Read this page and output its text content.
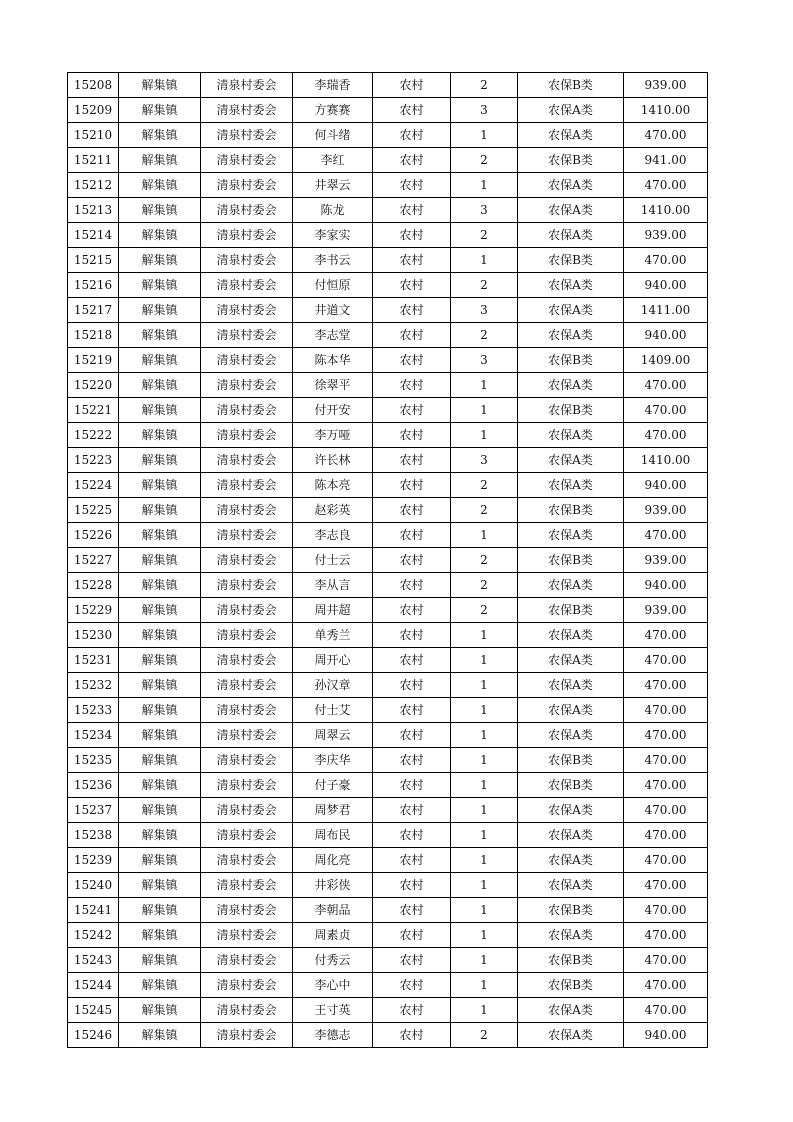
15208	解集镇	清泉村委会	李瑞香	农村	2	农保B类	939.00
15209	解集镇	清泉村委会	方赛赛	农村	3	农保A类	1410.00
15210	解集镇	清泉村委会	何斗绪	农村	1	农保A类	470.00
15211	解集镇	清泉村委会	李红	农村	2	农保B类	941.00
15212	解集镇	清泉村委会	井翠云	农村	1	农保A类	470.00
15213	解集镇	清泉村委会	陈龙	农村	3	农保A类	1410.00
15214	解集镇	清泉村委会	李家实	农村	2	农保A类	939.00
15215	解集镇	清泉村委会	李书云	农村	1	农保B类	470.00
15216	解集镇	清泉村委会	付恒原	农村	2	农保A类	940.00
15217	解集镇	清泉村委会	井道文	农村	3	农保A类	1411.00
15218	解集镇	清泉村委会	李志堂	农村	2	农保A类	940.00
15219	解集镇	清泉村委会	陈本华	农村	3	农保B类	1409.00
15220	解集镇	清泉村委会	徐翠平	农村	1	农保A类	470.00
15221	解集镇	清泉村委会	付开安	农村	1	农保B类	470.00
15222	解集镇	清泉村委会	李万哑	农村	1	农保A类	470.00
15223	解集镇	清泉村委会	许长林	农村	3	农保A类	1410.00
15224	解集镇	清泉村委会	陈本亮	农村	2	农保A类	940.00
15225	解集镇	清泉村委会	赵彩英	农村	2	农保B类	939.00
15226	解集镇	清泉村委会	李志良	农村	1	农保A类	470.00
15227	解集镇	清泉村委会	付士云	农村	2	农保B类	939.00
15228	解集镇	清泉村委会	李从言	农村	2	农保A类	940.00
15229	解集镇	清泉村委会	周井超	农村	2	农保B类	939.00
15230	解集镇	清泉村委会	单秀兰	农村	1	农保A类	470.00
15231	解集镇	清泉村委会	周开心	农村	1	农保A类	470.00
15232	解集镇	清泉村委会	孙汉章	农村	1	农保A类	470.00
15233	解集镇	清泉村委会	付士艾	农村	1	农保A类	470.00
15234	解集镇	清泉村委会	周翠云	农村	1	农保A类	470.00
15235	解集镇	清泉村委会	李庆华	农村	1	农保B类	470.00
15236	解集镇	清泉村委会	付子豪	农村	1	农保B类	470.00
15237	解集镇	清泉村委会	周梦君	农村	1	农保A类	470.00
15238	解集镇	清泉村委会	周布民	农村	1	农保A类	470.00
15239	解集镇	清泉村委会	周化亮	农村	1	农保A类	470.00
15240	解集镇	清泉村委会	井彩侠	农村	1	农保A类	470.00
15241	解集镇	清泉村委会	李朝品	农村	1	农保B类	470.00
15242	解集镇	清泉村委会	周素贞	农村	1	农保A类	470.00
15243	解集镇	清泉村委会	付秀云	农村	1	农保B类	470.00
15244	解集镇	清泉村委会	李心中	农村	1	农保B类	470.00
15245	解集镇	清泉村委会	王寸英	农村	1	农保A类	470.00
15246	解集镇	清泉村委会	李德志	农村	2	农保A类	940.00
